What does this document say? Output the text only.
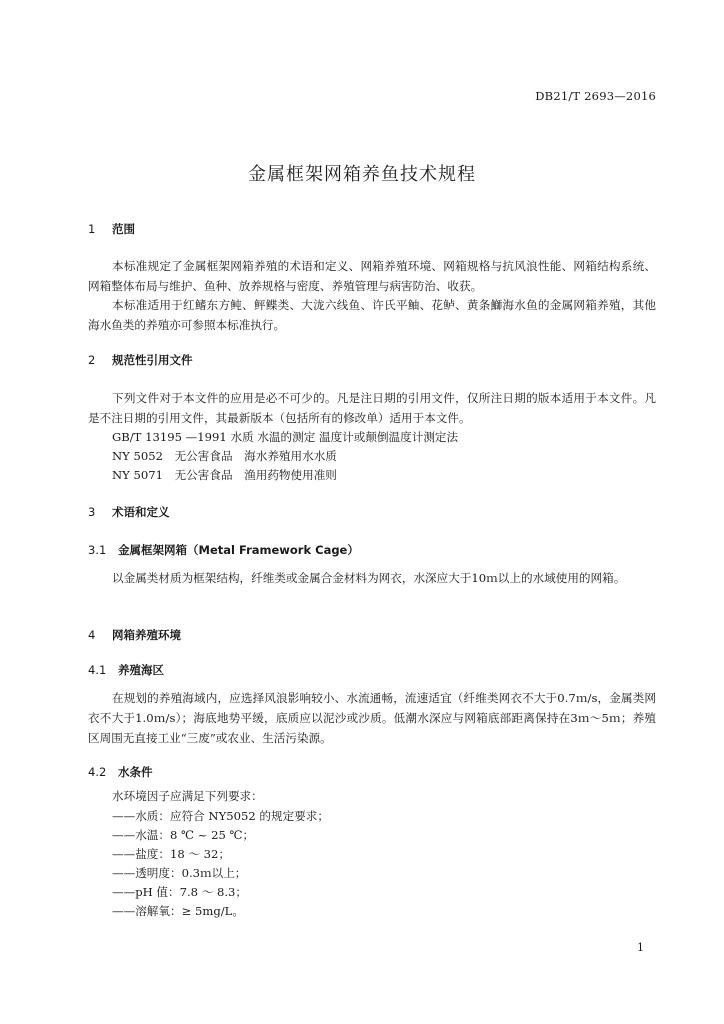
DB21/T 2693—2016
金属框架网箱养鱼技术规程
1 范围
本标准规定了金属框架网箱养殖的术语和定义、网箱养殖环境、网箱规格与抗风浪性能、网箱结构系统、网箱整体布局与维护、鱼种、放养规格与密度、养殖管理与病害防治、收获。
本标准适用于红鳍东方鲀、鲆鲽类、大泷六线鱼、许氏平鲉、花鲈、黄条鰤海水鱼的金属网箱养殖，其他海水鱼类的养殖亦可参照本标准执行。
2 规范性引用文件
下列文件对于本文件的应用是必不可少的。凡是注日期的引用文件，仅所注日期的版本适用于本文件。凡是不注日期的引用文件，其最新版本（包括所有的修改单）适用于本文件。
GB/T 13195 —1991 水质 水温的测定 温度计或颠倒温度计测定法
NY 5052　无公害食品　海水养殖用水水质
NY 5071　无公害食品　渔用药物使用准则
3 术语和定义
3.1 金属框架网箱（Metal Framework Cage）
以金属类材质为框架结构，纤维类或金属合金材料为网衣，水深应大于10ｍ以上的水域使用的网箱。
4 网箱养殖环境
4.1 养殖海区
在规划的养殖海域内，应选择风浪影响较小、水流通畅，流速适宜（纤维类网衣不大于0.7ｍ/s，金属类网衣不大于1.0ｍ/s）；海底地势平缓，底质应以泥沙或沙质。低潮水深应与网箱底部距离保持在3ｍ～5ｍ；养殖区周围无直接工业“三废”或农业、生活污染源。
4.2 水条件
水环境因子应满足下列要求：
——水质：应符合 NY5052 的规定要求；
——水温：8 ℃ ~ 25 ℃；
——盐度：18 ～ 32；
——透明度：0.3ｍ以上；
——pH 值：7.8 ～ 8.3；
——溶解氧：≥ 5mg/L。
1
